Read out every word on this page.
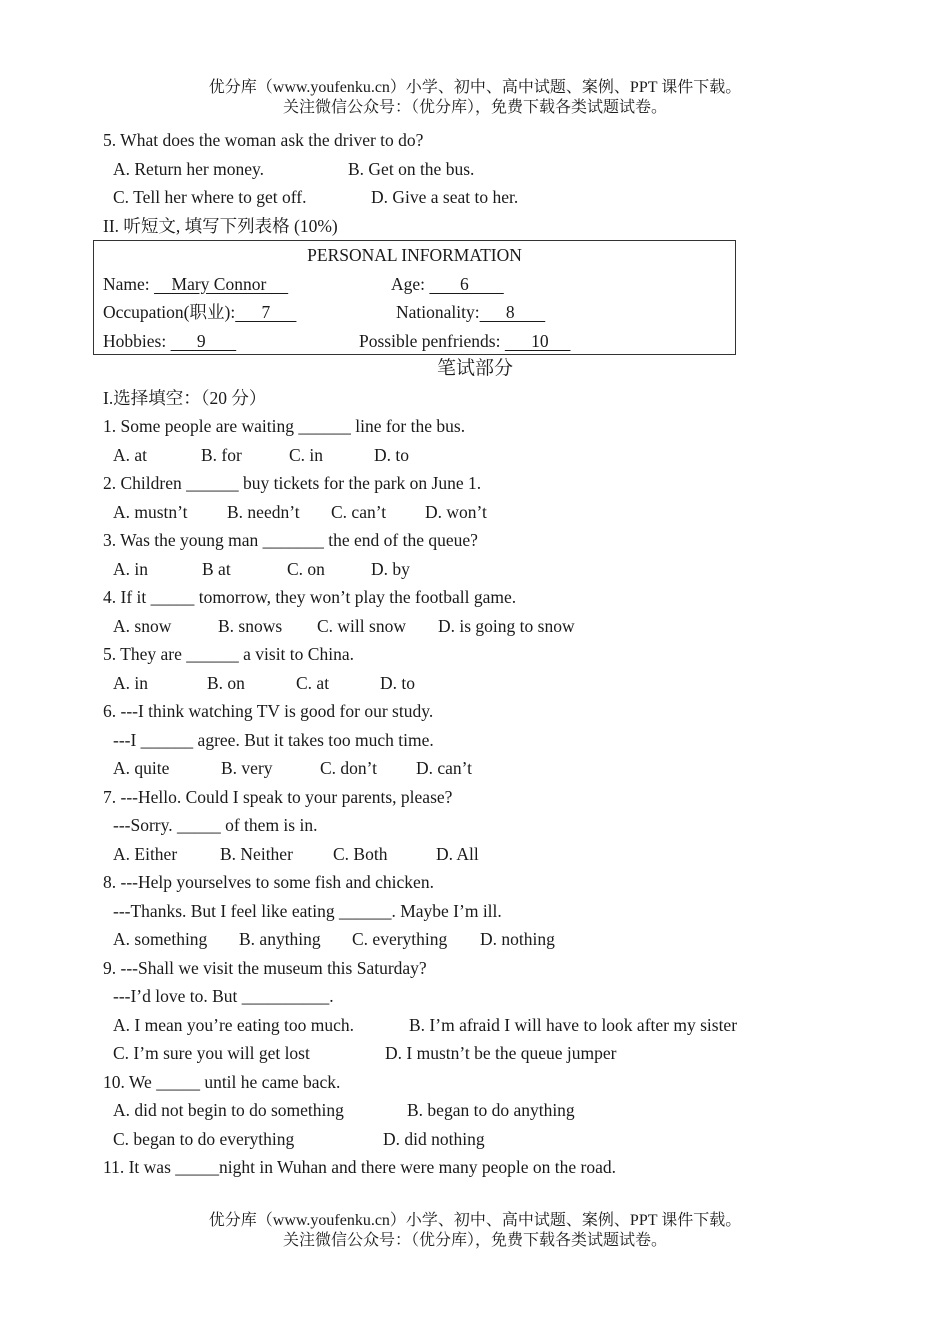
优分库（www.youfenku.cn）小学、初中、高中试题、案例、PPT 课件下载。
关注微信公众号：（优分库），免费下载各类试题试卷。
5. What does the woman ask the driver to do?
A. Return her money.	B. Get on the bus.
C. Tell her where to get off.	D. Give a seat to her.
II. 听短文, 填写下列表格 (10%)
PERSONAL INFORMATION
Name:     Mary Connor	Age:        6
Occupation(职业):      7	Nationality:      8
Hobbies:       9	Possible penfriends:       10
笔试部分
I.选择填空：（20 分）
1. Some people are waiting ______ line for the bus.
A. at	B. for	C. in	D. to
2. Children ______ buy tickets for the park on June 1.
A. mustn’t B. needn’t C. can’t D. won’t
3. Was the young man _______ the end of the queue?
A. in	B at	C. on	D. by
4. If it _____ tomorrow, they won’t play the football game.
A. snow	B. snows C. will snow D. is going to snow
5. They are ______ a visit to China.
A. in	B. on	C. at	D. to
6. ---I think watching TV is good for our study.
---I ______ agree. But it takes too much time.
A. quite	B. very	C. don’t D. can’t
7. ---Hello. Could I speak to your parents, please?
---Sorry. _____ of them is in.
A. Either B. Neither C. Both	D. All
8. ---Help yourselves to some fish and chicken.
---Thanks. But I feel like eating ______. Maybe I’m ill.
A. something B. anything C. everything D. nothing
9. ---Shall we visit the museum this Saturday?
---I’d love to. But __________.
A. I mean you’re eating too much.	B. I’m afraid I will have to look after my sister
C. I’m sure you will get lost	D. I mustn’t be the queue jumper
10. We _____ until he came back.
A. did not begin to do something	B. began to do anything
C. began to do everything	D. did nothing
11. It was _____night in Wuhan and there were many people on the road.
优分库（www.youfenku.cn）小学、初中、高中试题、案例、PPT 课件下载。
关注微信公众号：（优分库），免费下载各类试题试卷。
